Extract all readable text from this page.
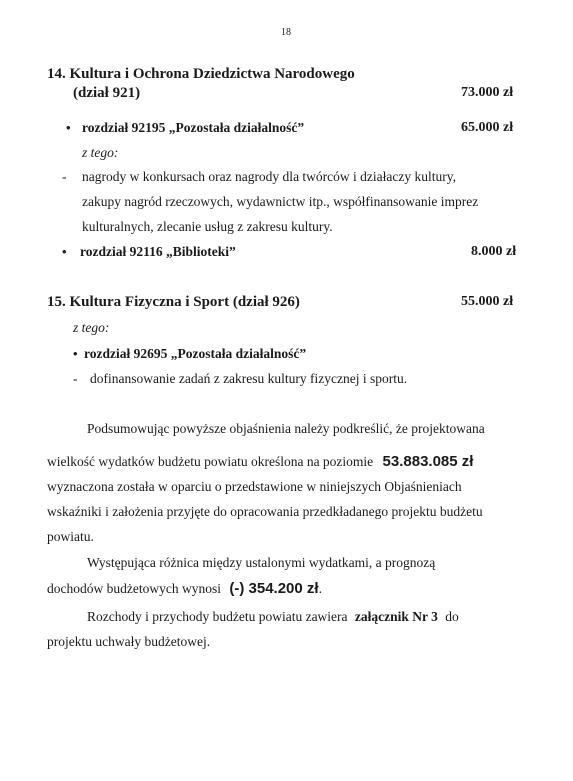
18
14. Kultura i Ochrona Dziedzictwa Narodowego
(dział 921)	73.000 zł
• rozdział 92195 „Pozostała działalność”	65.000 zł
z tego:
- nagrody w konkursach oraz nagrody dla twórców i działaczy kultury,
zakupy nagród rzeczowych, wydawnictw itp., współfinansowanie imprez
kulturalnych, zlecanie usług z zakresu kultury.
• rozdział 92116 „Biblioteki”	8.000 zł
15. Kultura Fizyczna i Sport (dział 926)	55.000 zł
z tego:
• rozdział 92695 „Pozostała działalność”
- dofinansowanie zadań z zakresu kultury fizycznej i sportu.
Podsumowując powyższe objaśnienia należy podkreślić, że projektowana
wielkość wydatków budżetu powiatu określona na poziomie 53.883.085 zł
wyznaczona została w oparciu o przedstawione w niniejszych Objaśnieniach
wskaźniki i założenia przyjęte do opracowania przedkładanego projektu budżetu
powiatu.
Występująca różnica między ustalonymi wydatkami, a prognozą
dochodów budżetowych wynosi (-) 354.200 zł.
Rozchody i przychody budżetu powiatu zawiera załącznik Nr 3 do
projektu uchwały budżetowej.
